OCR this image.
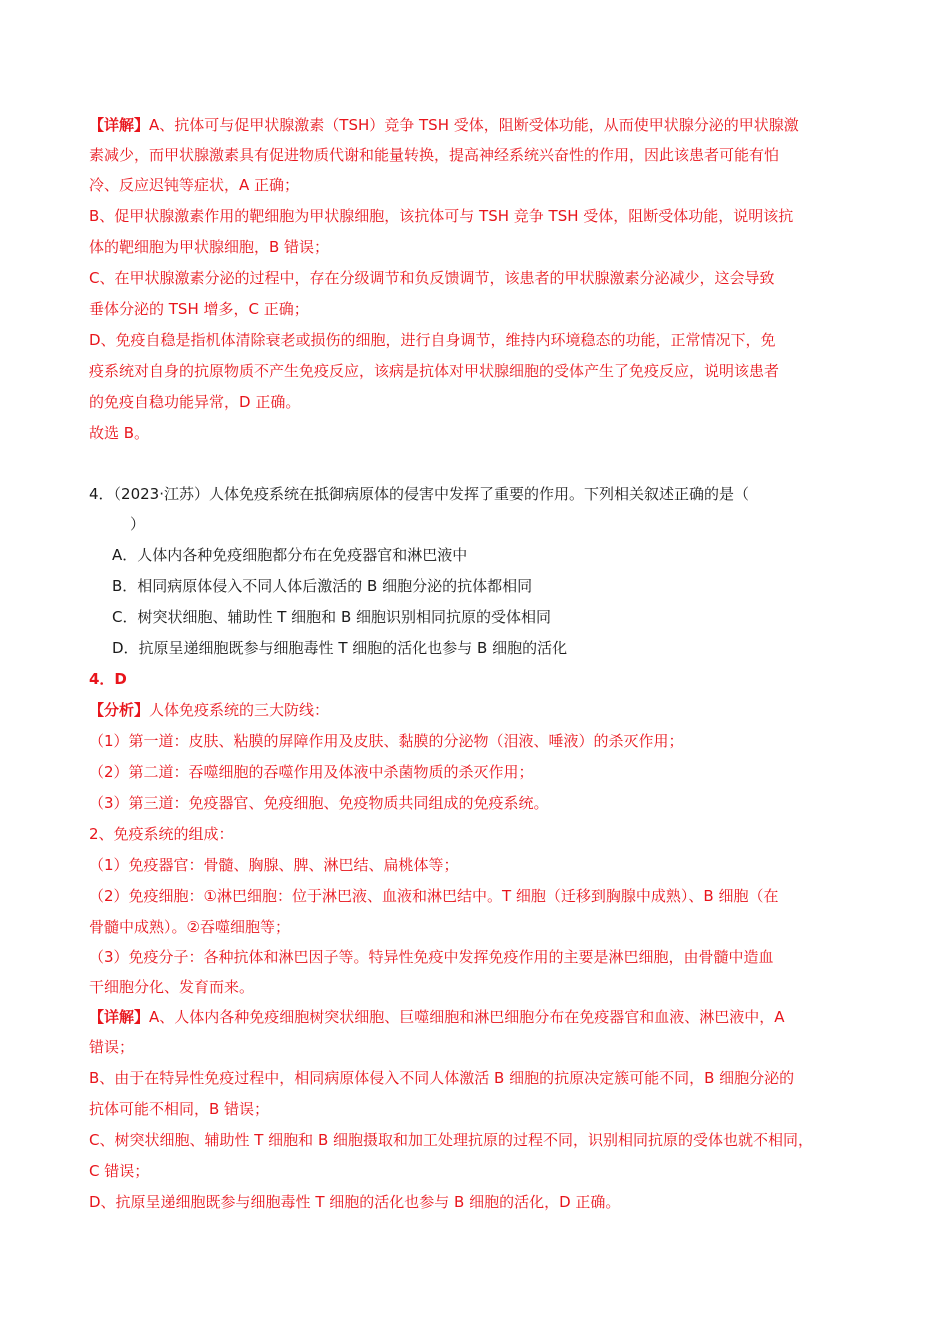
【详解】A、抗体可与促甲状腺激素（TSH）竞争 TSH 受体，阻断受体功能，从而使甲状腺分泌的甲状腺激
素减少，而甲状腺激素具有促进物质代谢和能量转换，提高神经系统兴奋性的作用，因此该患者可能有怕
冷、反应迟钝等症状，A 正确；
B、促甲状腺激素作用的靶细胞为甲状腺细胞，该抗体可与 TSH 竞争 TSH 受体，阻断受体功能，说明该抗
体的靶细胞为甲状腺细胞，B 错误；
C、在甲状腺激素分泌的过程中，存在分级调节和负反馈调节，该患者的甲状腺激素分泌减少，这会导致
垂体分泌的 TSH 增多，C 正确；
D、免疫自稳是指机体清除衰老或损伤的细胞，进行自身调节，维持内环境稳态的功能，正常情况下，免
疫系统对自身的抗原物质不产生免疫反应，该病是抗体对甲状腺细胞的受体产生了免疫反应，说明该患者
的免疫自稳功能异常，D 正确。
故选 B。
4．（2023·江苏）人体免疫系统在抵御病原体的侵害中发挥了重要的作用。下列相关叙述正确的是（
）
A．人体内各种免疫细胞都分布在免疫器官和淋巴液中
B．相同病原体侵入不同人体后激活的 B 细胞分泌的抗体都相同
C．树突状细胞、辅助性 T 细胞和 B 细胞识别相同抗原的受体相同
D．抗原呈递细胞既参与细胞毒性 T 细胞的活化也参与 B 细胞的活化
4．D
【分析】人体免疫系统的三大防线：
（1）第一道：皮肤、粘膜的屏障作用及皮肤、黏膜的分泌物（泪液、唾液）的杀灭作用；
（2）第二道：吞噬细胞的吞噬作用及体液中杀菌物质的杀灭作用；
（3）第三道：免疫器官、免疫细胞、免疫物质共同组成的免疫系统。
2、免疫系统的组成：
（1）免疫器官：骨髓、胸腺、脾、淋巴结、扁桃体等；
（2）免疫细胞：①淋巴细胞：位于淋巴液、血液和淋巴结中。T 细胞（迁移到胸腺中成熟）、B 细胞（在
骨髓中成熟）。②吞噬细胞等；
（3）免疫分子：各种抗体和淋巴因子等。特异性免疫中发挥免疫作用的主要是淋巴细胞，由骨髓中造血
干细胞分化、发育而来。
【详解】A、人体内各种免疫细胞树突状细胞、巨噬细胞和淋巴细胞分布在免疫器官和血液、淋巴液中，A
错误；
B、由于在特异性免疫过程中，相同病原体侵入不同人体激活 B 细胞的抗原决定簇可能不同，B 细胞分泌的
抗体可能不相同，B 错误；
C、树突状细胞、辅助性 T 细胞和 B 细胞摄取和加工处理抗原的过程不同，识别相同抗原的受体也就不相同，
C 错误；
D、抗原呈递细胞既参与细胞毒性 T 细胞的活化也参与 B 细胞的活化，D 正确。
